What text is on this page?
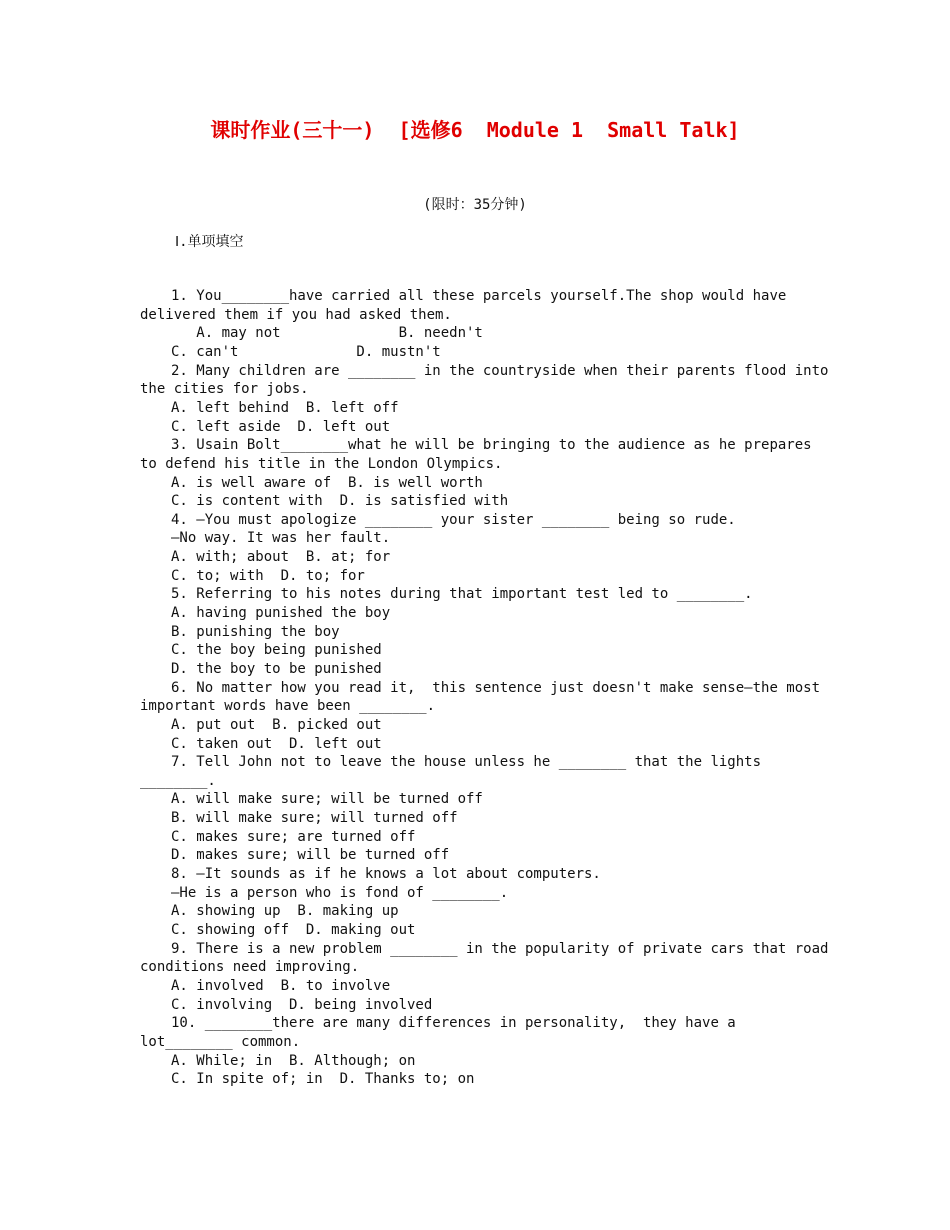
课时作业(三十一)  [选修6  Module 1  Small Talk]
(限时：35分钟)
Ⅰ.单项填空
1. You________have carried all these parcels yourself.The shop would have delivered them if you had asked them.
A. may not              B. needn't
C. can't              D. mustn't
2. Many children are ________ in the countryside when their parents flood into the cities for jobs.
A. left behind  B. left off
C. left aside  D. left out
3. Usain Bolt________what he will be bringing to the audience as he prepares to defend his title in the London Olympics.
A. is well aware of  B. is well worth
C. is content with  D. is satisfied with
4. —You must apologize ________ your sister ________ being so rude.
—No way. It was her fault.
A. with; about  B. at; for
C. to; with  D. to; for
5. Referring to his notes during that important test led to ________.
A. having punished the boy
B. punishing the boy
C. the boy being punished
D. the boy to be punished
6. No matter how you read it,  this sentence just doesn't make sense—the most important words have been ________.
A. put out  B. picked out
C. taken out  D. left out
7. Tell John not to leave the house unless he ________ that the lights ________.
A. will make sure; will be turned off
B. will make sure; will turned off
C. makes sure; are turned off
D. makes sure; will be turned off
8. —It sounds as if he knows a lot about computers.
—He is a person who is fond of ________.
A. showing up  B. making up
C. showing off  D. making out
9. There is a new problem ________ in the popularity of private cars that road conditions need improving.
A. involved  B. to involve
C. involving  D. being involved
10. ________there are many differences in personality,  they have a lot________ common.
A. While; in  B. Although; on
C. In spite of; in  D. Thanks to; on
